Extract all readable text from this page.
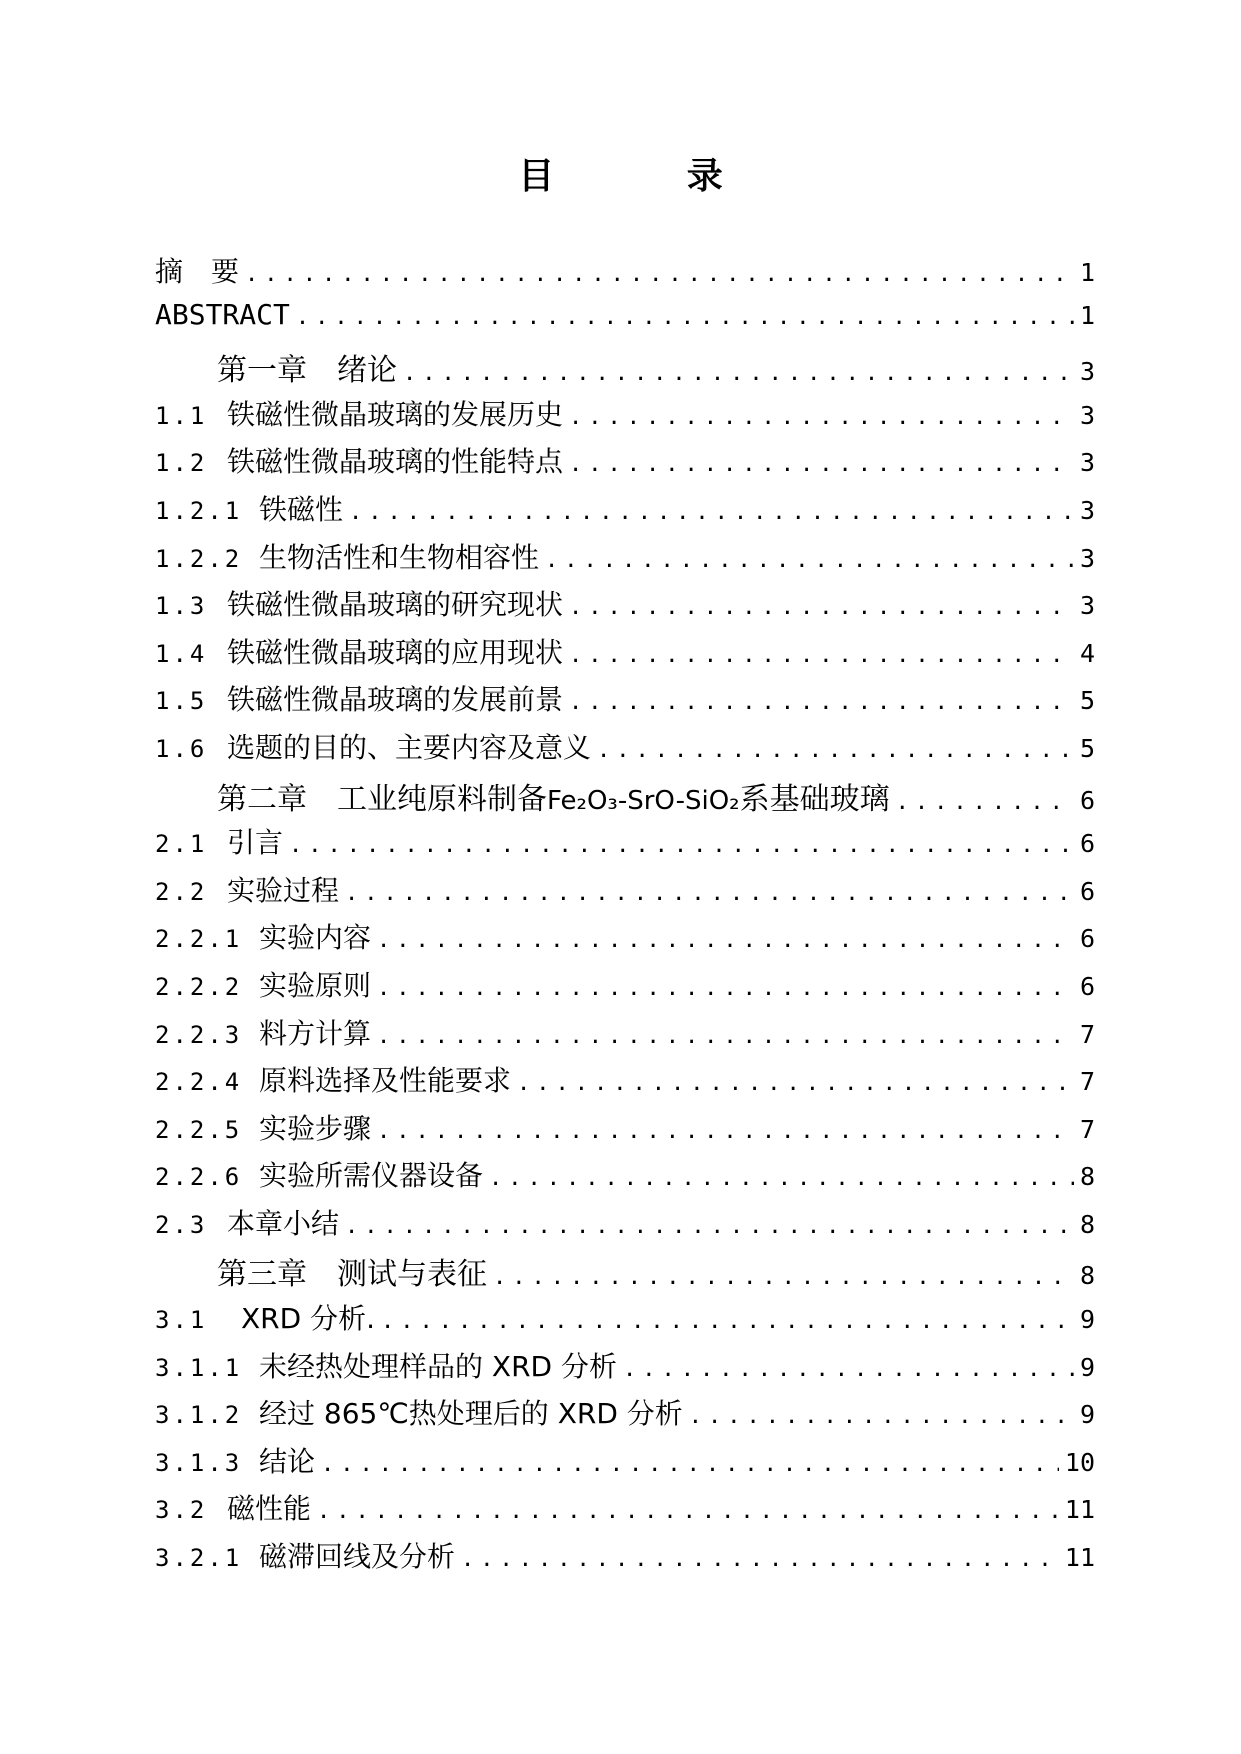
目 录
摘　要 .....	1
ABSTRACT .....	1
第一章　绪论 .....	3
1.1 铁磁性微晶玻璃的发展历史 .....	3
1.2 铁磁性微晶玻璃的性能特点 .....	3
1.2.1 铁磁性 .....	3
1.2.2 生物活性和生物相容性 .....	3
1.3 铁磁性微晶玻璃的研究现状 .....	3
1.4 铁磁性微晶玻璃的应用现状 .....	4
1.5 铁磁性微晶玻璃的发展前景 .....	5
1.6 选题的目的、主要内容及意义 .....	5
第二章　工业纯原料制备 Fe₂O₃-SrO-SiO₂ 系基础玻璃 .....	6
2.1 引言 .....	6
2.2 实验过程 .....	6
2.2.1 实验内容 .....	6
2.2.2 实验原则 .....	6
2.2.3 料方计算 .....	7
2.2.4 原料选择及性能要求 .....	7
2.2.5 实验步骤 .....	7
2.2.6 实验所需仪器设备 .....	8
2.3 本章小结 .....	8
第三章　测试与表征 .....	8
3.1	XRD 分析. .....	9
3.1.1 未经热处理样品的 XRD 分析 .....	9
3.1.2 经过 865℃热处理后的 XRD 分析 .....	9
3.1.3 结论 .....	10
3.2 磁性能 .....	11
3.2.1 磁滞回线及分析 .....	11
